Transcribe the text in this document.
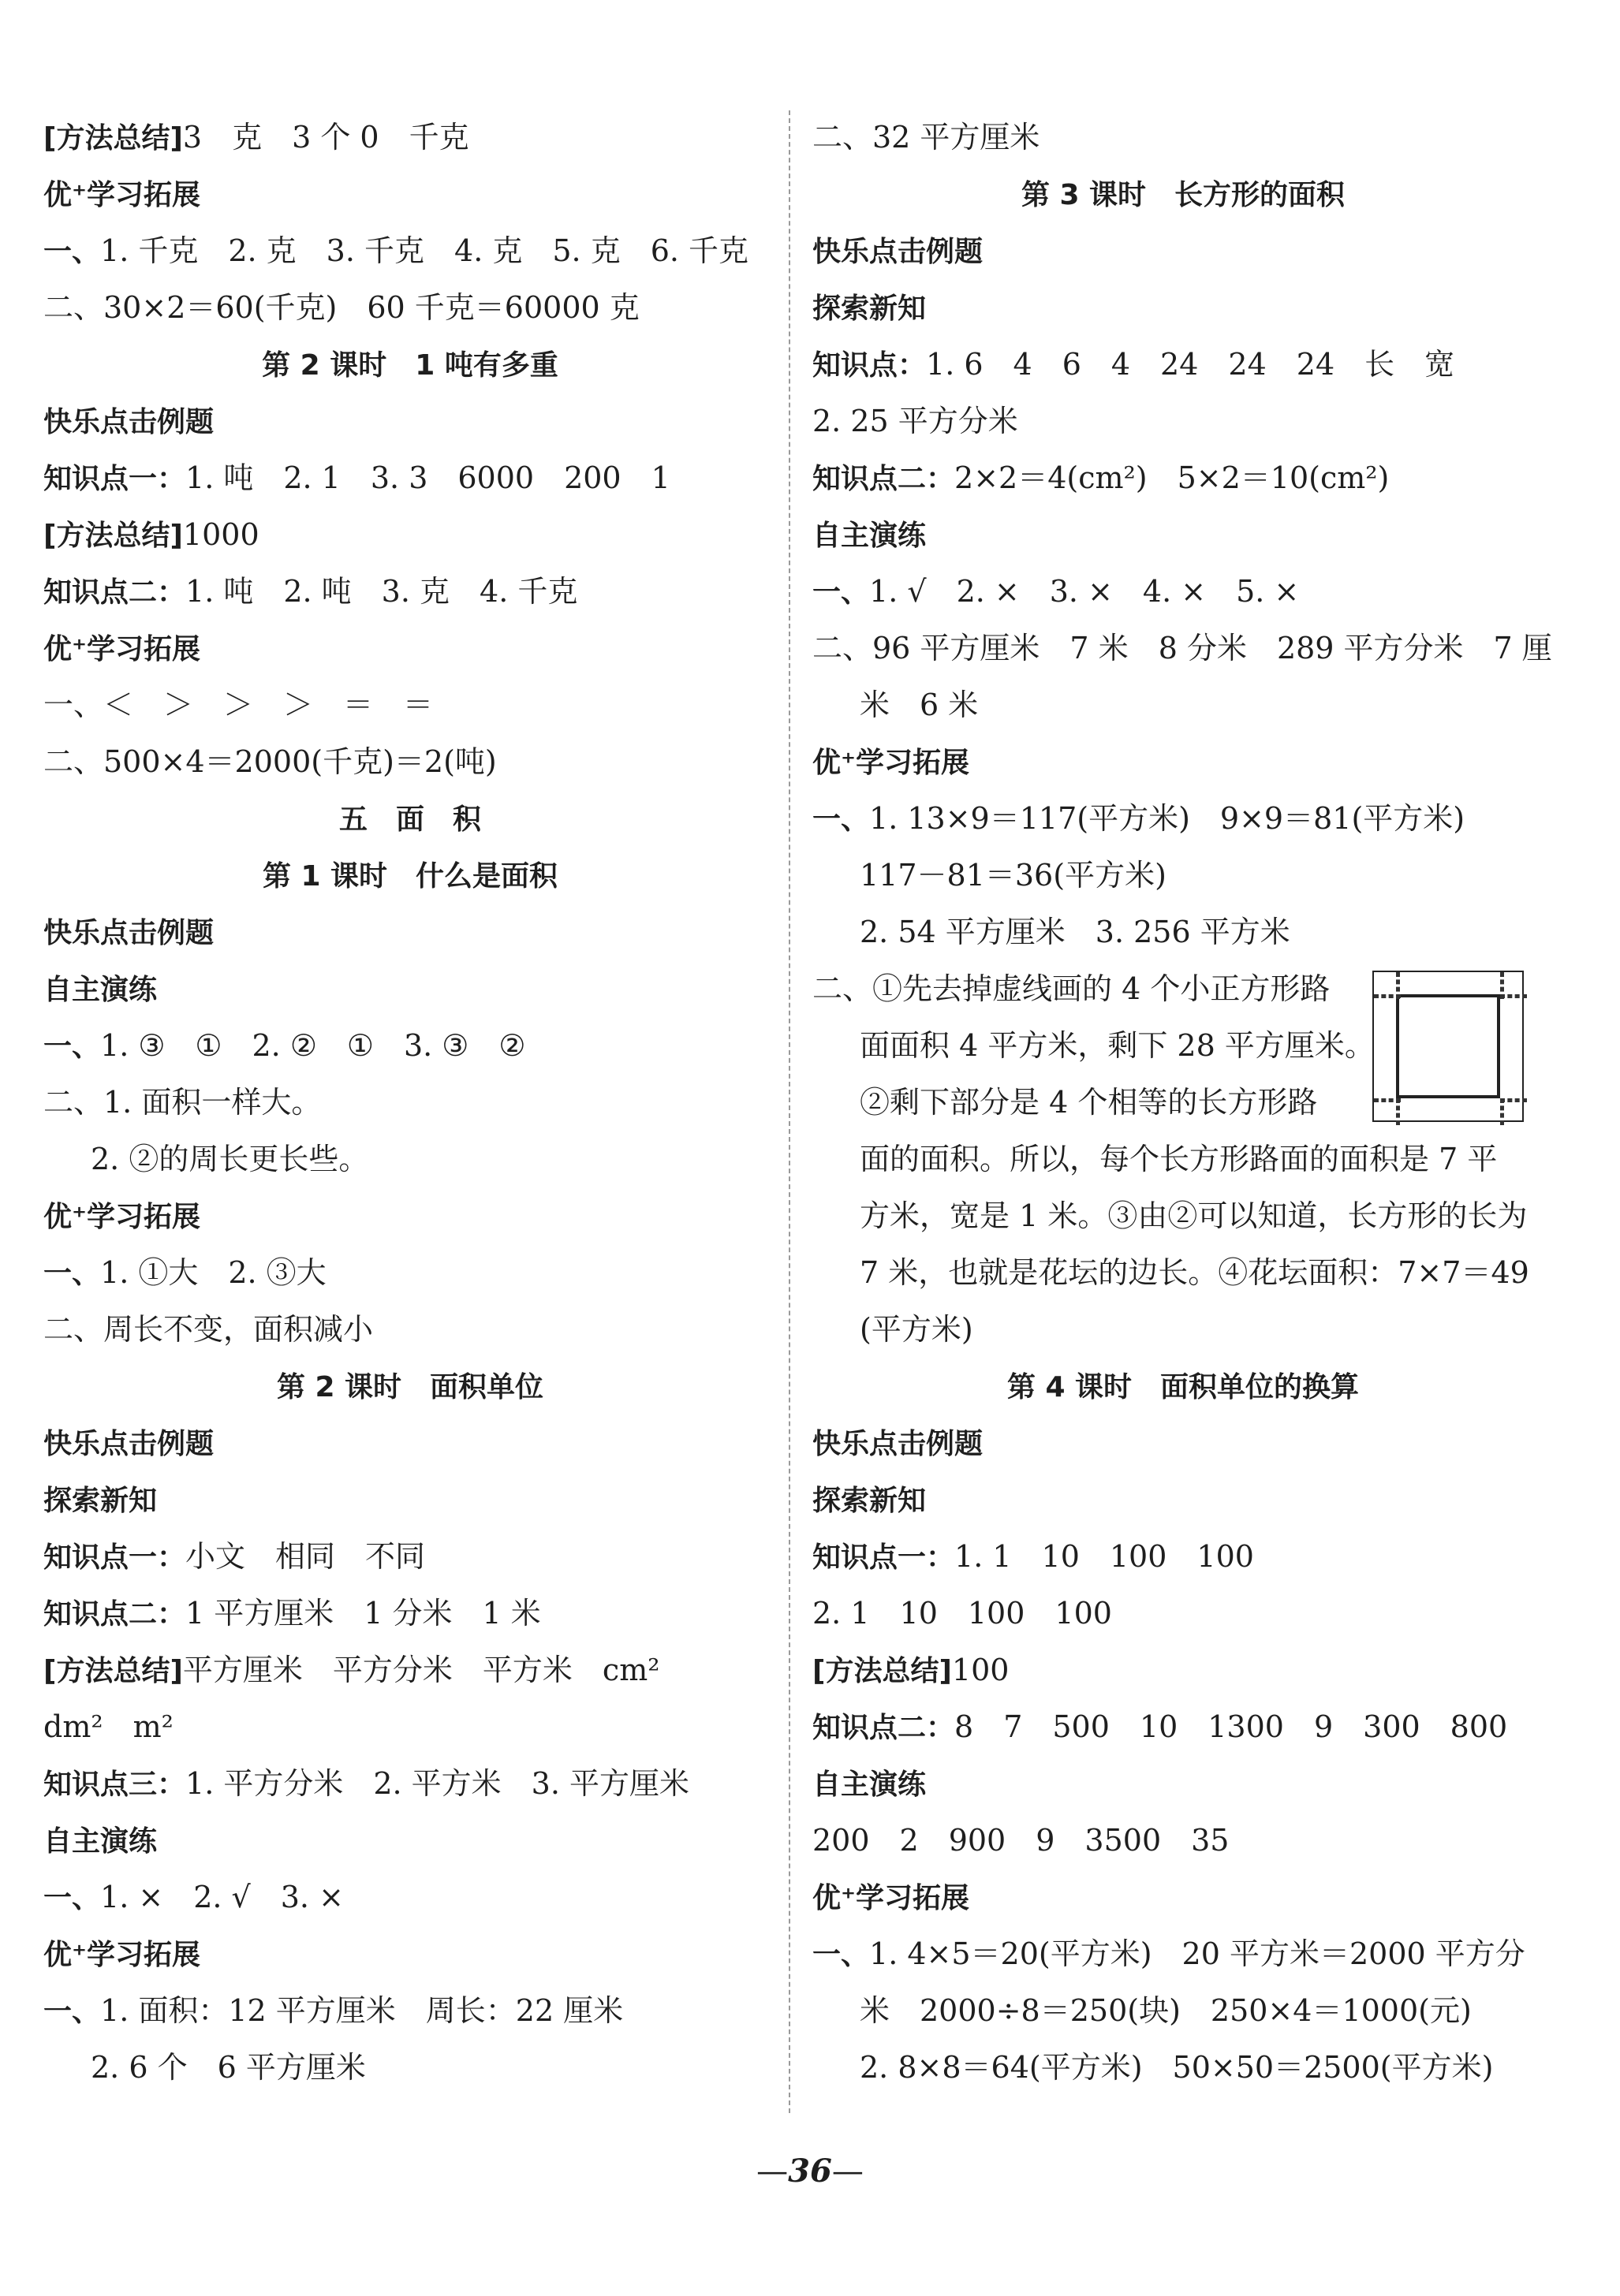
[方法总结]3　克　3 个 0　千克
优⁺学习拓展
一、1. 千克　2. 克　3. 千克　4. 克　5. 克　6. 千克
二、30×2＝60(千克)　60 千克＝60000 克
第 2 课时　1 吨有多重
快乐点击例题
知识点一：1. 吨　2. 1　3. 3　6000　200　1
[方法总结]1000
知识点二：1. 吨　2. 吨　3. 克　4. 千克
优⁺学习拓展
一、＜　＞　＞　＞　＝　＝
二、500×4＝2000(千克)＝2(吨)
五　面　积
第 1 课时　什么是面积
快乐点击例题
自主演练
一、1. ③　①　2. ②　①　3. ③　②
二、1. 面积一样大。
2. ②的周长更长些。
优⁺学习拓展
一、1. ①大　2. ③大
二、周长不变，面积减小
第 2 课时　面积单位
快乐点击例题
探索新知
知识点一：小文　相同　不同
知识点二：1 平方厘米　1 分米　1 米
[方法总结]平方厘米　平方分米　平方米　cm²
dm²　m²
知识点三：1. 平方分米　2. 平方米　3. 平方厘米
自主演练
一、1. ×　2. √　3. ×
优⁺学习拓展
一、1. 面积：12 平方厘米　周长：22 厘米
2. 6 个　6 平方厘米
二、32 平方厘米
第 3 课时　长方形的面积
快乐点击例题
探索新知
知识点：1. 6　4　6　4　24　24　24　长　宽
2. 25 平方分米
知识点二：2×2＝4(cm²)　5×2＝10(cm²)
自主演练
一、1. √　2. ×　3. ×　4. ×　5. ×
二、96 平方厘米　7 米　8 分米　289 平方分米　7 厘
米　6 米
优⁺学习拓展
一、1. 13×9＝117(平方米)　9×9＝81(平方米)
117－81＝36(平方米)
2. 54 平方厘米　3. 256 平方米
二、①先去掉虚线画的 4 个小正方形路
面面积 4 平方米，剩下 28 平方厘米。
②剩下部分是 4 个相等的长方形路
面的面积。所以，每个长方形路面的面积是 7 平
方米，宽是 1 米。③由②可以知道，长方形的长为
7 米，也就是花坛的边长。④花坛面积：7×7＝49
(平方米)
第 4 课时　面积单位的换算
快乐点击例题
探索新知
知识点一：1. 1　10　100　100
2. 1　10　100　100
[方法总结]100
知识点二：8　7　500　10　1300　9　300　800
自主演练
200　2　900　9　3500　35
优⁺学习拓展
一、1. 4×5＝20(平方米)　20 平方米＝2000 平方分
米　2000÷8＝250(块)　250×4＝1000(元)
2. 8×8＝64(平方米)　50×50＝2500(平方米)
—36—
